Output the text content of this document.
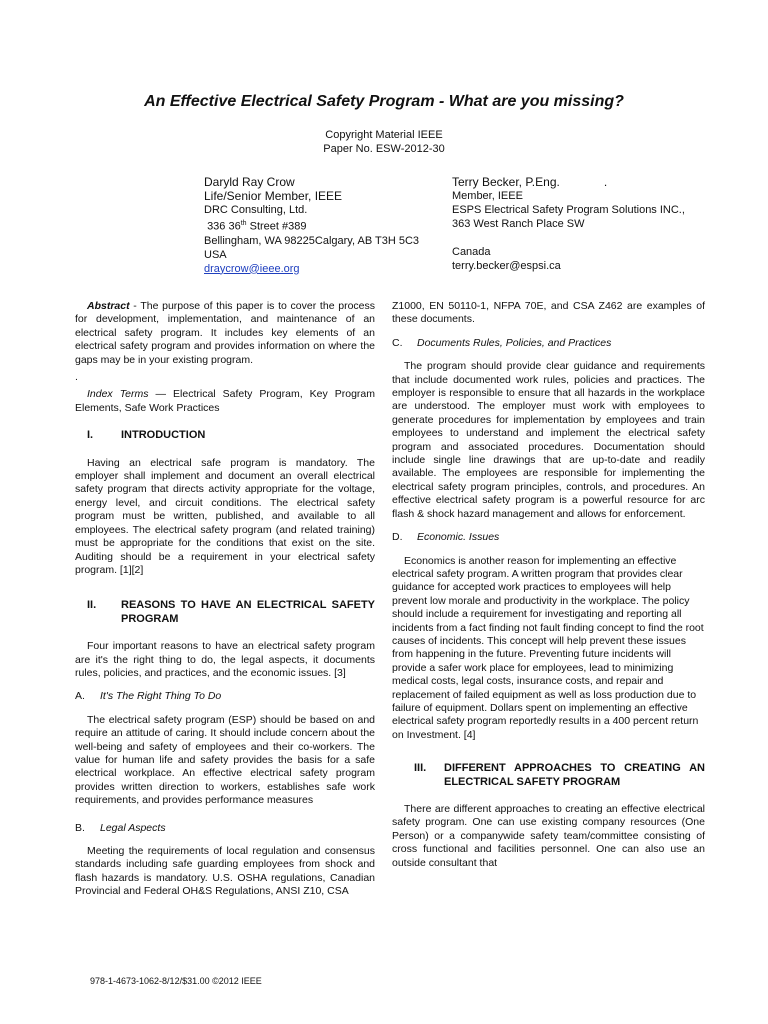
An Effective Electrical Safety Program - What are you missing?
Copyright Material IEEE
Paper No. ESW-2012-30
Daryld Ray Crow
Life/Senior Member, IEEE
DRC Consulting, Ltd.
336 36th Street #389
Bellingham, WA 98225Calgary, AB T3H 5C3
USA
draycrow@ieee.org
Terry Becker, P.Eng.	.
Member, IEEE
ESPS Electrical Safety Program Solutions INC.,
363 West Ranch Place SW

Canada
terry.becker@espsi.ca

Abstract - The purpose of this paper is to cover the process for development, implementation, and maintenance of an electrical safety program. It includes key elements of an electrical safety program and provides information on where the gaps may be in your existing program.

.

Index Terms — Electrical Safety Program, Key Program Elements, Safe Work Practices

I.	INTRODUCTION

Having an electrical safe program is mandatory. The employer shall implement and document an overall electrical safety program that directs activity appropriate for the voltage, energy level, and circuit conditions. The electrical safety program must be written, published, and available to all employees. The electrical safety program (and related training) must be appropriate for the conditions that exist on the site. Auditing should be a requirement in your electrical safety program. [1][2]

II.	REASONS TO HAVE AN ELECTRICAL SAFETY PROGRAM

Four important reasons to have an electrical safety program are it's the right thing to do, the legal aspects, it documents rules, policies, and practices, and the economic issues. [3]

A.	It's The Right Thing To Do

The electrical safety program (ESP) should be based on and require an attitude of caring. It should include concern about the well-being and safety of employees and their co-workers. The value for human life and safety provides the basis for a safe electrical workplace. An effective electrical safety program provides written direction to workers, establishes safe work requirements, and provides performance measures

B.	Legal Aspects

Meeting the requirements of local regulation and consensus standards including safe guarding employees from shock and flash hazards is mandatory. U.S. OSHA regulations, Canadian Provincial and Federal OH&S Regulations, ANSI Z10, CSA

Z1000, EN 50110-1, NFPA 70E, and CSA Z462 are examples of these documents.

C.	Documents Rules, Policies, and Practices

The program should provide clear guidance and requirements that include documented work rules, policies and practices. The employer is responsible to ensure that all hazards in the workplace are understood. The employer must work with employees to generate procedures for implementation by employees and train employees to understand and implement the electrical safety program and associated procedures. Documentation should include single line drawings that are up-to-date and readily available. The employees are responsible for implementing the electrical safety program principles, controls, and procedures. An effective electrical safety program is a powerful resource for arc flash & shock hazard management and allows for enforcement.

D.	Economic. Issues

Economics is another reason for implementing an effective electrical safety program. A written program that provides clear guidance for accepted work practices to employees will help prevent low morale and productivity in the workplace. The policy should include a requirement for investigating and reporting all incidents from a fact finding not fault finding concept to find the root causes of incidents. This concept will help prevent these issues from happening in the future. Preventing future incidents will provide a safer work place for employees, lead to minimizing medical costs, legal costs, insurance costs, and repair and replacement of failed equipment as well as loss production due to failure of equipment. Dollars spent on implementing an effective electrical safety program reportedly results in a 400 percent return on Investment. [4]

III.	DIFFERENT APPROACHES TO CREATING AN ELECTRICAL SAFETY PROGRAM

There are different approaches to creating an effective electrical safety program. One can use existing company resources (One Person) or a companywide safety team/committee consisting of cross functional and facilities personnel. One can also use an outside consultant that

978-1-4673-1062-8/12/$31.00 ©2012 IEEE
